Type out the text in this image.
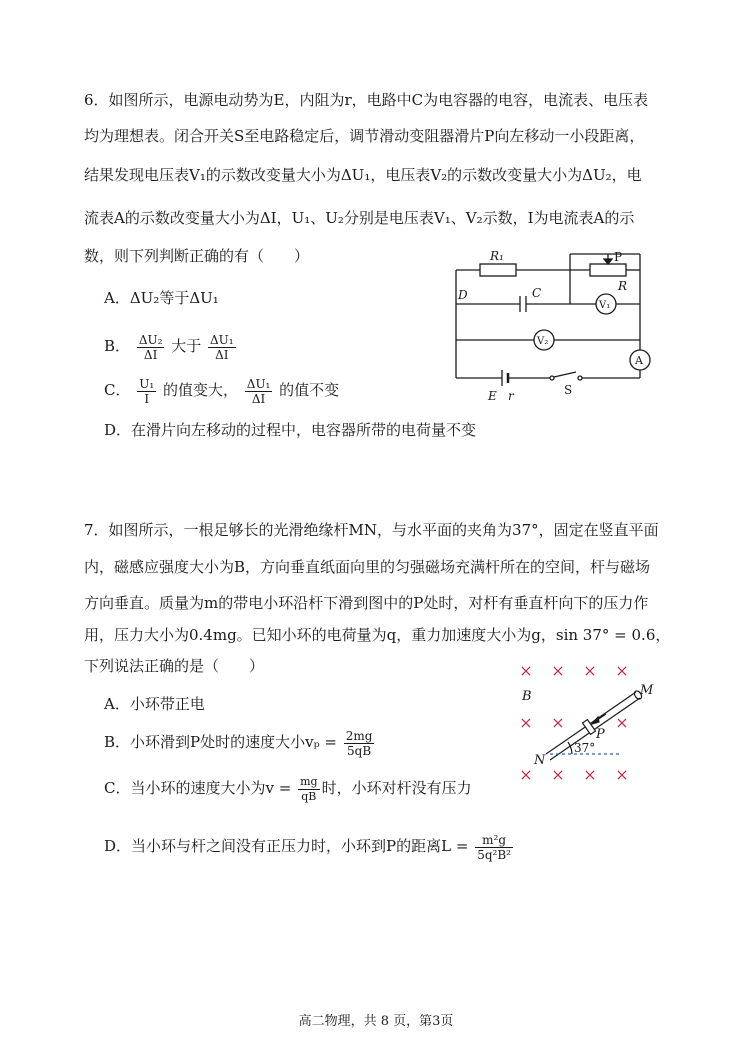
6．如图所示，电源电动势为E，内阻为r，电路中C为电容器的电容，电流表、电压表
均为理想表。闭合开关S至电路稳定后，调节滑动变阻器滑片P向左移动一小段距离，
结果发现电压表V₁的示数改变量大小为ΔU₁，电压表V₂的示数改变量大小为ΔU₂，电
流表A的示数改变量大小为ΔI，U₁、U₂分别是电压表V₁、V₂示数，I为电流表A的示
数，则下列判断正确的有（　　）
A．ΔU₂等于ΔU₁
B． $\frac{\text{ΔU₂}}{\Delta I}$ 大于 $\frac{\text{ΔU₁}}{\Delta I}$
C． $\frac{\text{U₁}}{I}$ 的值变大， $\frac{\text{ΔU₁}}{\Delta I}$ 的值不变
D．在滑片向左移动的过程中，电容器所带的电荷量不变
R₁	P
R
D	C
V₁
V₂
A
E r	S
7．如图所示，一根足够长的光滑绝缘杆MN，与水平面的夹角为37°，固定在竖直平面
内，磁感应强度大小为B，方向垂直纸面向里的匀强磁场充满杆所在的空间，杆与磁场
方向垂直。质量为m的带电小环沿杆下滑到图中的P处时，对杆有垂直杆向下的压力作
用，压力大小为0.4mg。已知小环的电荷量为q，重力加速度大小为g，sin 37° = 0.6，
下列说法正确的是（　　）
A．小环带正电
B．小环滑到P处时的速度大小$v_p = \frac{2mg}{5qB}$
C．当小环的速度大小为$v = \frac{mg}{qB}$ 时，小环对杆没有压力
D．当小环与杆之间没有正压力时，小环到P的距离$L = \frac{\text{m²g}}{\text{5q²B²}}$
× × × ×
× ×	×
× × × ×
B	M
N
P
37°
高二物理，共 8 页，第3页
